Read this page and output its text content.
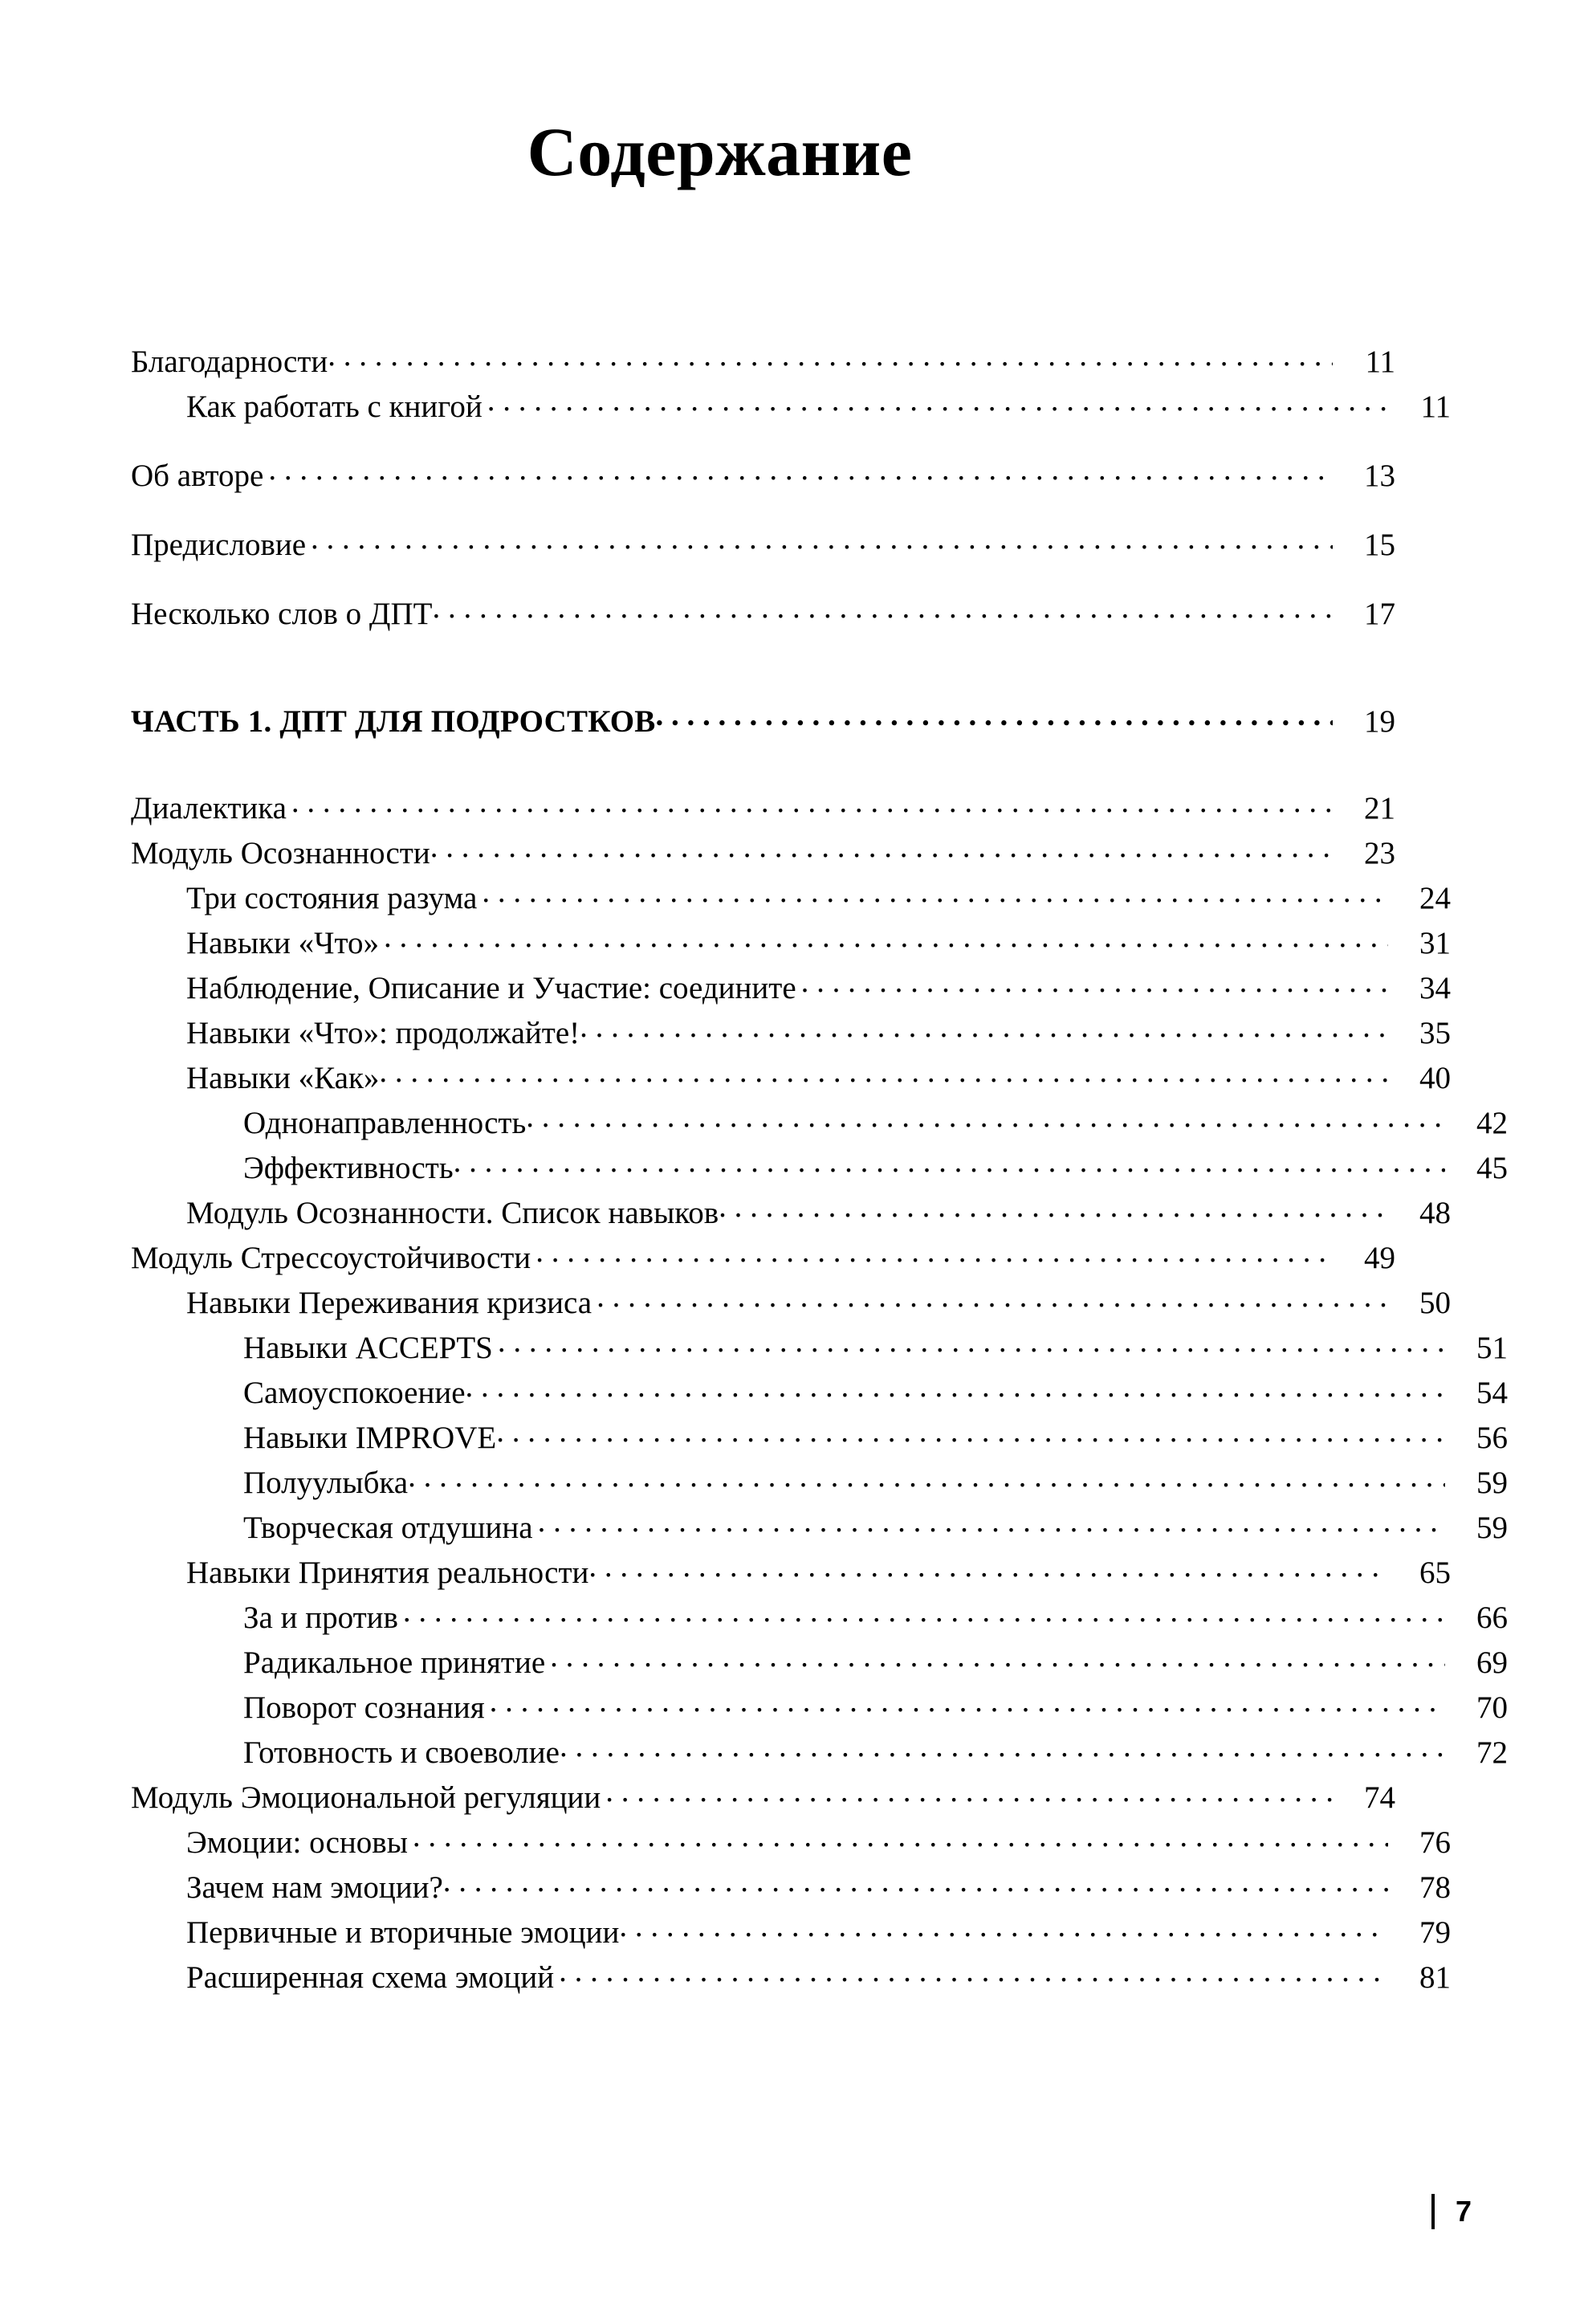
Содержание
Благодарности . . .	11
Как работать с книгой . . .	11
Об авторе . . .	13
Предисловие . . .	15
Несколько слов о ДПТ . . .	17
ЧАСТЬ 1. ДПТ ДЛЯ ПОДРОСТКОВ . . .	19
Диалектика . . .	21
Модуль Осознанности . . .	23
Три состояния разума . . .	24
Навыки «Что» . . .	31
Наблюдение, Описание и Участие: соедините . . .	34
Навыки «Что»: продолжайте! . . .	35
Навыки «Как» . . .	40
Однонаправленность . . .	42
Эффективность . . .	45
Модуль Осознанности. Список навыков . . .	48
Модуль Стрессоустойчивости . . .	49
Навыки Переживания кризиса . . .	50
Навыки ACCEPTS . . .	51
Самоуспокоение . . .	54
Навыки IMPROVE . . .	56
Полуулыбка . . .	59
Творческая отдушина . . .	59
Навыки Принятия реальности . . .	65
За и против . . .	66
Радикальное принятие . . .	69
Поворот сознания . . .	70
Готовность и своеволие . . .	72
Модуль Эмоциональной регуляции . . .	74
Эмоции: основы . . .	76
Зачем нам эмоции? . . .	78
Первичные и вторичные эмоции . . .	79
Расширенная схема эмоций . . .	81
7
